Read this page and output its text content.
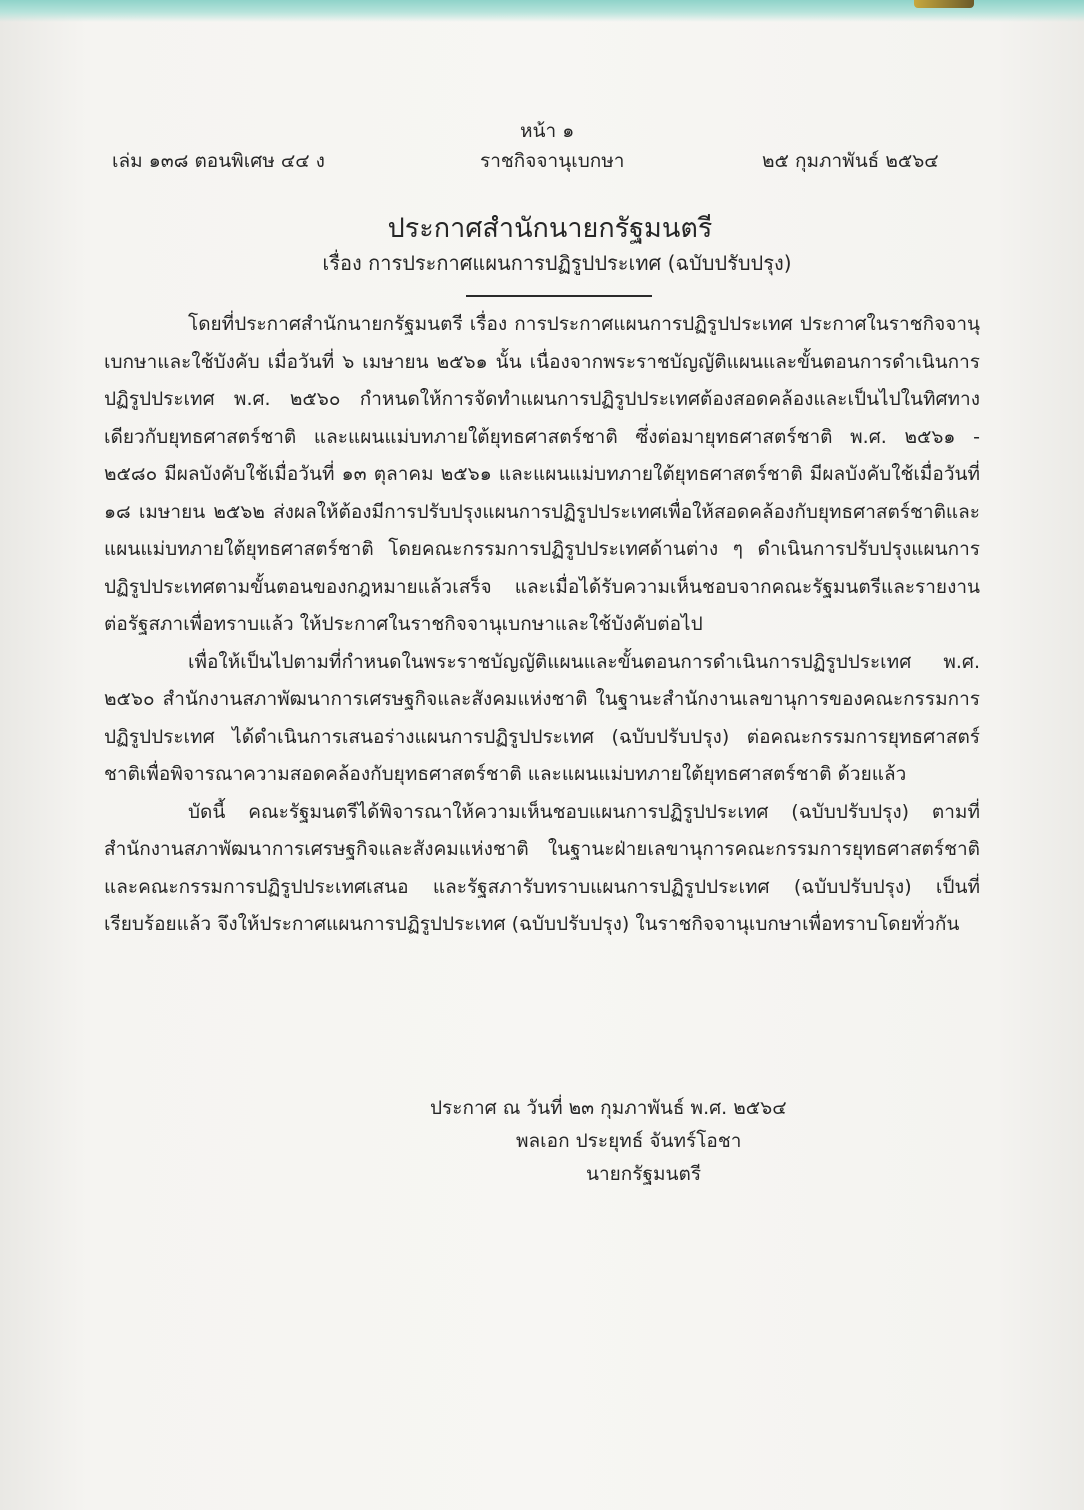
หน้า ๑
เล่ม ๑๓๘ ตอนพิเศษ ๔๔ ง	ราชกิจจานุเบกษา	๒๕ กุมภาพันธ์ ๒๕๖๔
ประกาศสำนักนายกรัฐมนตรี
เรื่อง การประกาศแผนการปฏิรูปประเทศ (ฉบับปรับปรุง)

โดยที่ประกาศสำนักนายกรัฐมนตรี เรื่อง การประกาศแผนการปฏิรูปประเทศ ประกาศในราชกิจจานุเบกษาและใช้บังคับ เมื่อวันที่ ๖ เมษายน ๒๕๖๑ นั้น เนื่องจากพระราชบัญญัติแผนและขั้นตอนการดำเนินการปฏิรูปประเทศ พ.ศ. ๒๕๖๐ กำหนดให้การจัดทำแผนการปฏิรูปประเทศต้องสอดคล้องและเป็นไปในทิศทางเดียวกับยุทธศาสตร์ชาติ และแผนแม่บทภายใต้ยุทธศาสตร์ชาติ ซึ่งต่อมายุทธศาสตร์ชาติ พ.ศ. ๒๕๖๑ - ๒๕๘๐ มีผลบังคับใช้เมื่อวันที่ ๑๓ ตุลาคม ๒๕๖๑ และแผนแม่บทภายใต้ยุทธศาสตร์ชาติ มีผลบังคับใช้เมื่อวันที่ ๑๘ เมษายน ๒๕๖๒ ส่งผลให้ต้องมีการปรับปรุงแผนการปฏิรูปประเทศเพื่อให้สอดคล้องกับยุทธศาสตร์ชาติและแผนแม่บทภายใต้ยุทธศาสตร์ชาติ โดยคณะกรรมการปฏิรูปประเทศด้านต่าง ๆ ดำเนินการปรับปรุงแผนการปฏิรูปประเทศตามขั้นตอนของกฎหมายแล้วเสร็จ และเมื่อได้รับความเห็นชอบจากคณะรัฐมนตรีและรายงานต่อรัฐสภาเพื่อทราบแล้ว ให้ประกาศในราชกิจจานุเบกษาและใช้บังคับต่อไป

เพื่อให้เป็นไปตามที่กำหนดในพระราชบัญญัติแผนและขั้นตอนการดำเนินการปฏิรูปประเทศ พ.ศ. ๒๕๖๐ สำนักงานสภาพัฒนาการเศรษฐกิจและสังคมแห่งชาติ ในฐานะสำนักงานเลขานุการของคณะกรรมการปฏิรูปประเทศ ได้ดำเนินการเสนอร่างแผนการปฏิรูปประเทศ (ฉบับปรับปรุง) ต่อคณะกรรมการยุทธศาสตร์ชาติเพื่อพิจารณาความสอดคล้องกับยุทธศาสตร์ชาติ และแผนแม่บทภายใต้ยุทธศาสตร์ชาติ ด้วยแล้ว

บัดนี้ คณะรัฐมนตรีได้พิจารณาให้ความเห็นชอบแผนการปฏิรูปประเทศ (ฉบับปรับปรุง) ตามที่สำนักงานสภาพัฒนาการเศรษฐกิจและสังคมแห่งชาติ ในฐานะฝ่ายเลขานุการคณะกรรมการยุทธศาสตร์ชาติและคณะกรรมการปฏิรูปประเทศเสนอ และรัฐสภารับทราบแผนการปฏิรูปประเทศ (ฉบับปรับปรุง) เป็นที่เรียบร้อยแล้ว จึงให้ประกาศแผนการปฏิรูปประเทศ (ฉบับปรับปรุง) ในราชกิจจานุเบกษาเพื่อทราบโดยทั่วกัน

ประกาศ ณ วันที่ ๒๓ กุมภาพันธ์ พ.ศ. ๒๕๖๔
พลเอก ประยุทธ์ จันทร์โอชา
นายกรัฐมนตรี
